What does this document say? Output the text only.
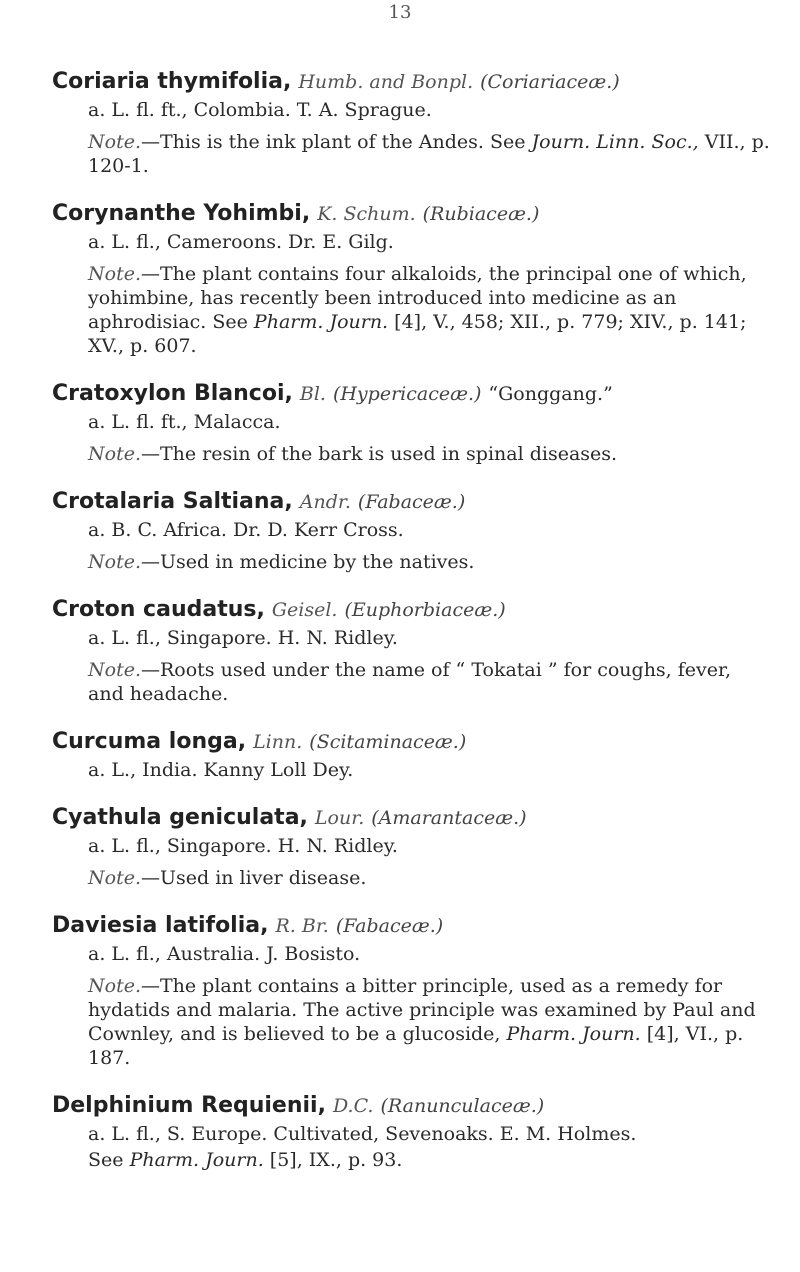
13

Coriaria thymifolia, Humb. and Bonpl. (Coriariaceæ.)

a. L. fl. ft., Colombia. T. A. Sprague.

Note.—This is the ink plant of the Andes. See Journ. Linn. Soc., VII., p. 120-1.

Corynanthe Yohimbi, K. Schum. (Rubiaceæ.)

a. L. fl., Cameroons. Dr. E. Gilg.

Note.—The plant contains four alkaloids, the principal one of which, yohimbine, has recently been introduced into medicine as an aphrodisiac. See Pharm. Journ. [4], V., 458; XII., p. 779; XIV., p. 141; XV., p. 607.

Cratoxylon Blancoi, Bl. (Hypericaceæ.) “Gonggang.”

a. L. fl. ft., Malacca.

Note.—The resin of the bark is used in spinal diseases.

Crotalaria Saltiana, Andr. (Fabaceæ.)

a. B. C. Africa. Dr. D. Kerr Cross.

Note.—Used in medicine by the natives.

Croton caudatus, Geisel. (Euphorbiaceæ.)

a. L. fl., Singapore. H. N. Ridley.

Note.—Roots used under the name of “ Tokatai ” for coughs, fever, and headache.

Curcuma longa, Linn. (Scitaminaceæ.)

a. L., India. Kanny Loll Dey.

Cyathula geniculata, Lour. (Amarantaceæ.)

a. L. fl., Singapore. H. N. Ridley.

Note.—Used in liver disease.

Daviesia latifolia, R. Br. (Fabaceæ.)

a. L. fl., Australia. J. Bosisto.

Note.—The plant contains a bitter principle, used as a remedy for hydatids and malaria. The active principle was examined by Paul and Cownley, and is believed to be a glucoside, Pharm. Journ. [4], VI., p. 187.

Delphinium Requienii, D.C. (Ranunculaceæ.)

a. L. fl., S. Europe. Cultivated, Sevenoaks. E. M. Holmes.

See Pharm. Journ. [5], IX., p. 93.
